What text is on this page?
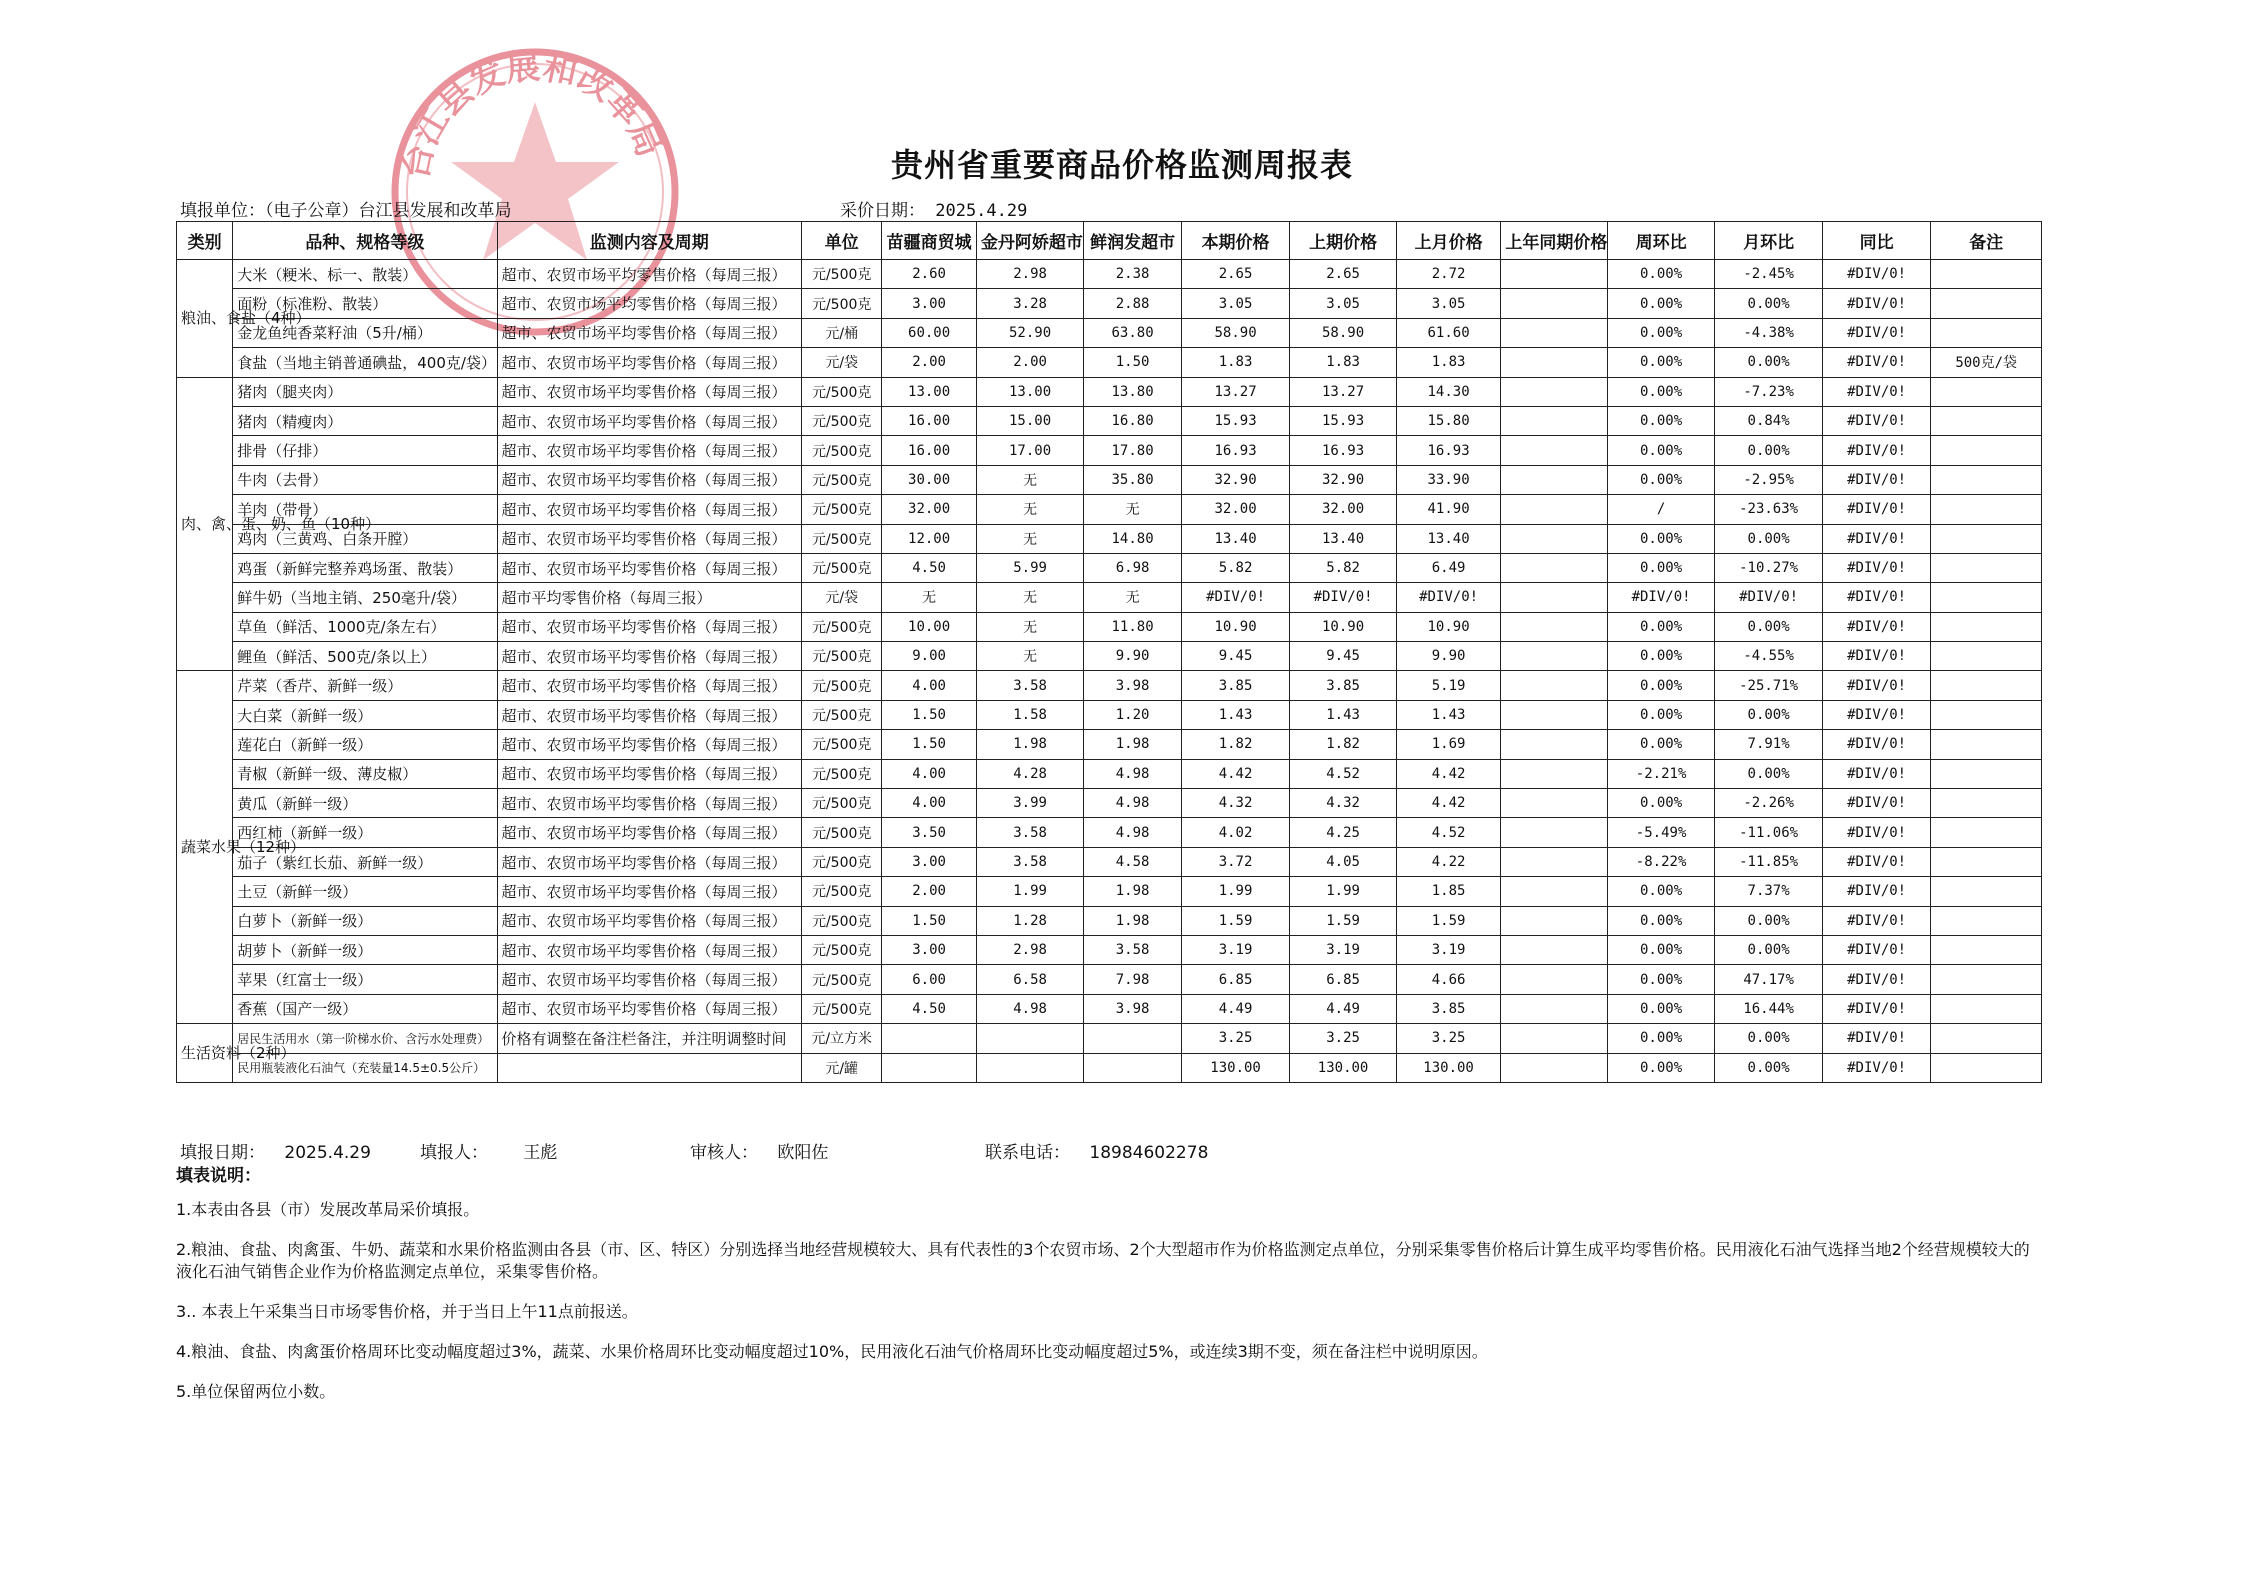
台江县发展和改革局
贵州省重要商品价格监测周报表
填报单位：（电子公章）台江县发展和改革局	采价日期： 2025.4.29
类别	品种、规格等级	监测内容及周期	单位	苗疆商贸城	金丹阿娇超市	鲜润发超市	本期价格	上期价格	上月价格	上年同期价格	周环比	月环比	同比	备注
粮油、食盐（4种）	大米（粳米、标一、散装）	超市、农贸市场平均零售价格（每周三报）	元/500克	2.60	2.98	2.38	2.65	2.65	2.72		0.00%	-2.45%	#DIV/0!	
	面粉（标准粉、散装）	超市、农贸市场平均零售价格（每周三报）	元/500克	3.00	3.28	2.88	3.05	3.05	3.05		0.00%	0.00%	#DIV/0!	
	金龙鱼纯香菜籽油（5升/桶）	超市、农贸市场平均零售价格（每周三报）	元/桶	60.00	52.90	63.80	58.90	58.90	61.60		0.00%	-4.38%	#DIV/0!	
	食盐（当地主销普通碘盐，400克/袋）	超市、农贸市场平均零售价格（每周三报）	元/袋	2.00	2.00	1.50	1.83	1.83	1.83		0.00%	0.00%	#DIV/0!	500克/袋
肉、禽、蛋、奶、鱼（10种）	猪肉（腿夹肉）	超市、农贸市场平均零售价格（每周三报）	元/500克	13.00	13.00	13.80	13.27	13.27	14.30		0.00%	-7.23%	#DIV/0!	
	猪肉（精瘦肉）	超市、农贸市场平均零售价格（每周三报）	元/500克	16.00	15.00	16.80	15.93	15.93	15.80		0.00%	0.84%	#DIV/0!	
	排骨（仔排）	超市、农贸市场平均零售价格（每周三报）	元/500克	16.00	17.00	17.80	16.93	16.93	16.93		0.00%	0.00%	#DIV/0!	
	牛肉（去骨）	超市、农贸市场平均零售价格（每周三报）	元/500克	30.00	无	35.80	32.90	32.90	33.90		0.00%	-2.95%	#DIV/0!	
	羊肉（带骨）	超市、农贸市场平均零售价格（每周三报）	元/500克	32.00	无	无	32.00	32.00	41.90		/	-23.63%	#DIV/0!	
	鸡肉（三黄鸡、白条开膛）	超市、农贸市场平均零售价格（每周三报）	元/500克	12.00	无	14.80	13.40	13.40	13.40		0.00%	0.00%	#DIV/0!	
	鸡蛋（新鲜完整养鸡场蛋、散装）	超市、农贸市场平均零售价格（每周三报）	元/500克	4.50	5.99	6.98	5.82	5.82	6.49		0.00%	-10.27%	#DIV/0!	
	鲜牛奶（当地主销、250毫升/袋）	超市平均零售价格（每周三报）	元/袋	无	无	无	#DIV/0!	#DIV/0!	#DIV/0!		#DIV/0!	#DIV/0!	#DIV/0!	
	草鱼（鲜活、1000克/条左右）	超市、农贸市场平均零售价格（每周三报）	元/500克	10.00	无	11.80	10.90	10.90	10.90		0.00%	0.00%	#DIV/0!	
	鲤鱼（鲜活、500克/条以上）	超市、农贸市场平均零售价格（每周三报）	元/500克	9.00	无	9.90	9.45	9.45	9.90		0.00%	-4.55%	#DIV/0!	
蔬菜水果（12种）	芹菜（香芹、新鲜一级）	超市、农贸市场平均零售价格（每周三报）	元/500克	4.00	3.58	3.98	3.85	3.85	5.19		0.00%	-25.71%	#DIV/0!	
	大白菜（新鲜一级）	超市、农贸市场平均零售价格（每周三报）	元/500克	1.50	1.58	1.20	1.43	1.43	1.43		0.00%	0.00%	#DIV/0!	
	莲花白（新鲜一级）	超市、农贸市场平均零售价格（每周三报）	元/500克	1.50	1.98	1.98	1.82	1.82	1.69		0.00%	7.91%	#DIV/0!	
	青椒（新鲜一级、薄皮椒）	超市、农贸市场平均零售价格（每周三报）	元/500克	4.00	4.28	4.98	4.42	4.52	4.42		-2.21%	0.00%	#DIV/0!	
	黄瓜（新鲜一级）	超市、农贸市场平均零售价格（每周三报）	元/500克	4.00	3.99	4.98	4.32	4.32	4.42		0.00%	-2.26%	#DIV/0!	
	西红柿（新鲜一级）	超市、农贸市场平均零售价格（每周三报）	元/500克	3.50	3.58	4.98	4.02	4.25	4.52		-5.49%	-11.06%	#DIV/0!	
	茄子（紫红长茄、新鲜一级）	超市、农贸市场平均零售价格（每周三报）	元/500克	3.00	3.58	4.58	3.72	4.05	4.22		-8.22%	-11.85%	#DIV/0!	
	土豆（新鲜一级）	超市、农贸市场平均零售价格（每周三报）	元/500克	2.00	1.99	1.98	1.99	1.99	1.85		0.00%	7.37%	#DIV/0!	
	白萝卜（新鲜一级）	超市、农贸市场平均零售价格（每周三报）	元/500克	1.50	1.28	1.98	1.59	1.59	1.59		0.00%	0.00%	#DIV/0!	
	胡萝卜（新鲜一级）	超市、农贸市场平均零售价格（每周三报）	元/500克	3.00	2.98	3.58	3.19	3.19	3.19		0.00%	0.00%	#DIV/0!	
	苹果（红富士一级）	超市、农贸市场平均零售价格（每周三报）	元/500克	6.00	6.58	7.98	6.85	6.85	4.66		0.00%	47.17%	#DIV/0!	
	香蕉（国产一级）	超市、农贸市场平均零售价格（每周三报）	元/500克	4.50	4.98	3.98	4.49	4.49	3.85		0.00%	16.44%	#DIV/0!	
生活资料（2种）	居民生活用水（第一阶梯水价、含污水处理费）	价格有调整在备注栏备注，并注明调整时间	元/立方米				3.25	3.25	3.25		0.00%	0.00%	#DIV/0!	
	民用瓶装液化石油气（充装量14.5±0.5公斤）		元/罐				130.00	130.00	130.00		0.00%	0.00%	#DIV/0!	
填报日期： 2025.4.29	填报人： 王彪	审核人： 欧阳佐	联系电话： 18984602278
填表说明：
1.本表由各县（市）发展改革局采价填报。
2.粮油、食盐、肉禽蛋、牛奶、蔬菜和水果价格监测由各县（市、区、特区）分别选择当地经营规模较大、具有代表性的3个农贸市场、2个大型超市作为价格监测定点单位，分别采集零售价格后计算生成平均零售价格。民用液化石油气选择当地2个经营规模较大的液化石油气销售企业作为价格监测定点单位，采集零售价格。
3.. 本表上午采集当日市场零售价格，并于当日上午11点前报送。
4.粮油、食盐、肉禽蛋价格周环比变动幅度超过3%，蔬菜、水果价格周环比变动幅度超过10%，民用液化石油气价格周环比变动幅度超过5%，或连续3期不变，须在备注栏中说明原因。
5.单位保留两位小数。
